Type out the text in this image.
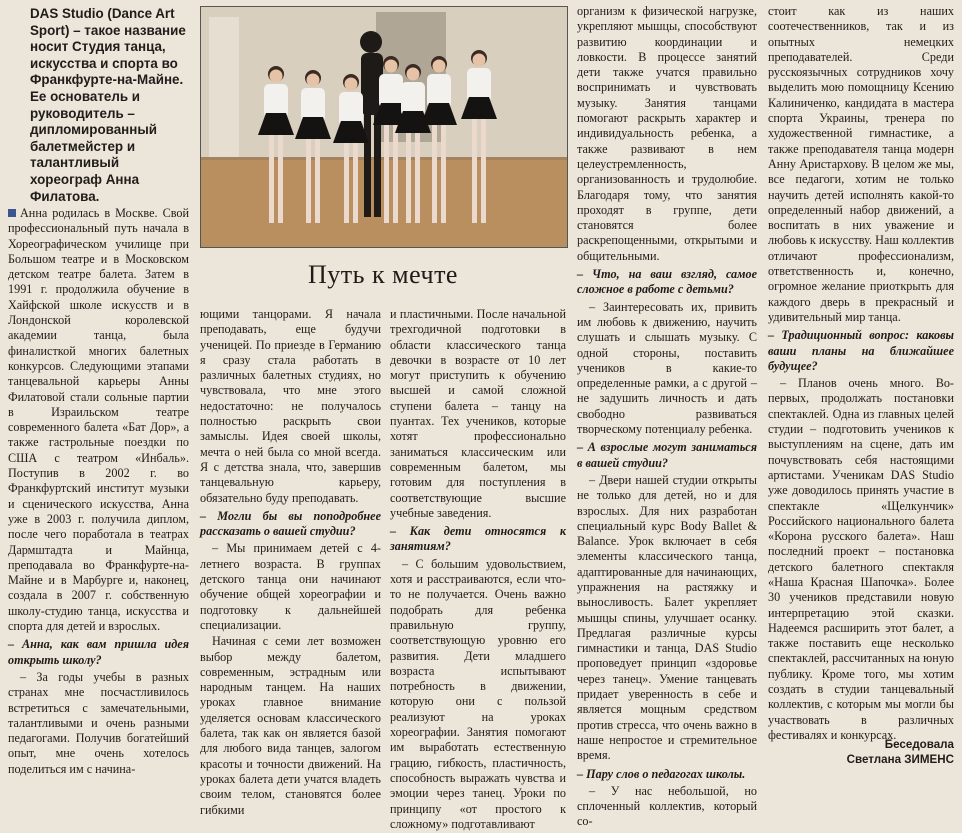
DAS Studio (Dance Art Sport) – такое название носит Студия танца, искусства и спорта во Франкфурте-на-Майне. Ее основатель и руководитель – дипломированный балетмейстер и талантливый хореограф Анна Филатова.
Путь к мечте

Анна родилась в Москве. Свой профессиональный путь начала в Хореографическом училище при Большом театре и в Московском детском театре балета. Затем в 1991 г. продолжила обучение в Хайфской школе искусств и в Лондонской королевской академии танца, была финалисткой многих балетных конкурсов. Следующими этапами танцевальной карьеры Анны Филатовой стали сольные партии в Израильском театре современного балета «Бат Дор», а также гастрольные поездки по США с театром «Инбаль». Поступив в 2002 г. во Франкфуртский институт музыки и сценического искусства, Анна уже в 2003 г. получила диплом, после чего поработала в театрах Дармштадта и Майнца, преподавала во Франкфурте-на-Майне и в Марбурге и, наконец, создала в 2007 г. собственную школу-студию танца, искусства и спорта для детей и взрослых.

– Анна, как вам пришла идея открыть школу?

– За годы учебы в разных странах мне посчастливилось встретиться с замечательными, талантливыми и очень разными педагогами. Получив богатейший опыт, мне очень хотелось поделиться им с начина-

ющими танцорами. Я начала преподавать, еще будучи ученицей. По приезде в Германию я сразу стала работать в различных балетных студиях, но чувствовала, что мне этого недостаточно: не получалось полностью раскрыть свои замыслы. Идея своей школы, мечта о ней была со мной всегда. Я с детства знала, что, завершив танцевальную карьеру, обязательно буду преподавать.

– Могли бы вы поподробнее рассказать о вашей студии?

– Мы принимаем детей с 4-летнего возраста. В группах детского танца они начинают обучение общей хореографии и подготовку к дальнейшей специализации.

Начиная с семи лет возможен выбор между балетом, современным, эстрадным или народным танцем. На наших уроках главное внимание уделяется основам классического балета, так как он является базой для любого вида танцев, залогом красоты и точности движений. На уроках балета дети учатся владеть своим телом, становятся более гибкими

и пластичными. После начальной трехгодичной подготовки в области классического танца девочки в возрасте от 10 лет могут приступить к обучению высшей и самой сложной ступени балета – танцу на пуантах. Тех учеников, которые хотят профессионально заниматься классическим или современным балетом, мы готовим для поступления в соответствующие высшие учебные заведения.

– Как дети относятся к занятиям?

– С большим удовольствием, хотя и расстраиваются, если что-то не получается. Очень важно подобрать для ребенка правильную группу, соответствующую уровню его развития. Дети младшего возраста испытывают потребность в движении, которую они с пользой реализуют на уроках хореографии. Занятия помогают им выработать естественную грацию, гибкость, пластичность, способность выражать чувства и эмоции через танец. Уроки по принципу «от простого к сложному» подготавливают

организм к физической нагрузке, укрепляют мышцы, способствуют развитию координации и ловкости. В процессе занятий дети также учатся правильно воспринимать и чувствовать музыку. Занятия танцами помогают раскрыть характер и индивидуальность ребенка, а также развивают в нем целеустремленность, организованность и трудолюбие. Благодаря тому, что занятия проходят в группе, дети становятся более раскрепощенными, открытыми и общительными.

– Что, на ваш взгляд, самое сложное в работе с детьми?

– Заинтересовать их, привить им любовь к движению, научить слушать и слышать музыку. С одной стороны, поставить учеников в какие-то определенные рамки, а с другой – не задушить личность и дать свободно развиваться творческому потенциалу ребенка.

– А взрослые могут заниматься в вашей студии?

– Двери нашей студии открыты не только для детей, но и для взрослых. Для них разработан специальный курс Body Ballet & Balance. Урок включает в себя элементы классического танца, адаптированные для начинающих, упражнения на растяжку и выносливость. Балет укрепляет мышцы спины, улучшает осанку. Предлагая различные курсы гимнастики и танца, DAS Studio проповедует принцип «здоровье через танец». Умение танцевать придает уверенность в себе и является мощным средством против стресса, что очень важно в наше непростое и стремительное время.

– Пару слов о педагогах школы.

– У нас небольшой, но сплоченный коллектив, который со-

стоит как из наших соотечественников, так и из опытных немецких преподавателей. Среди русскоязычных сотрудников хочу выделить мою помощницу Ксению Калиниченко, кандидата в мастера спорта Украины, тренера по художественной гимнастике, а также преподавателя танца модерн Анну Аристархову. В целом же мы, все педагоги, хотим не только научить детей исполнять какой-то определенный набор движений, а воспитать в них уважение и любовь к искусству. Наш коллектив отличают профессионализм, ответственность и, конечно, огромное желание приоткрыть для каждого дверь в прекрасный и удивительный мир танца.

– Традиционный вопрос: каковы ваши планы на ближайшее будущее?

– Планов очень много. Во-первых, продолжать постановки спектаклей. Одна из главных целей студии – подготовить учеников к выступлениям на сцене, дать им почувствовать себя настоящими артистами. Ученикам DAS Studio уже доводилось принять участие в спектакле «Щелкунчик» Российского национального балета «Корона русского балета». Наш последний проект – постановка детского балетного спектакля «Наша Красная Шапочка». Более 30 учеников представили новую интерпретацию этой сказки. Надеемся расширить этот балет, а также поставить еще несколько спектаклей, рассчитанных на юную публику. Кроме того, мы хотим создать в студии танцевальный коллектив, с которым мы могли бы участвовать в различных фестивалях и конкурсах.

Беседовала
Светлана ЗИМЕНС
